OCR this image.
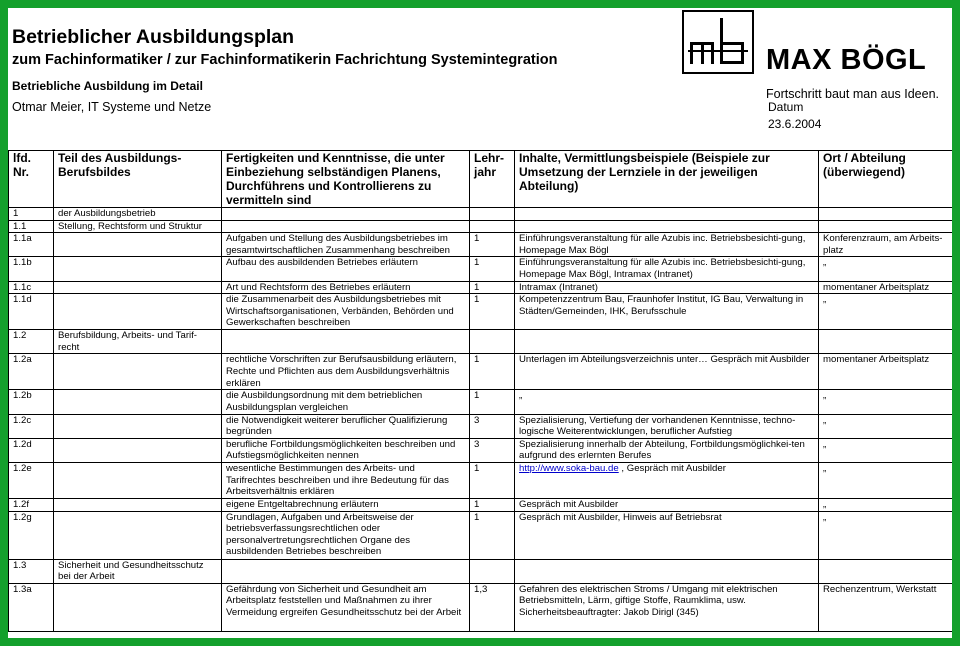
Betrieblicher Ausbildungsplan
zum Fachinformatiker / zur Fachinformatikerin Fachrichtung Systemintegration
Betriebliche Ausbildung im Detail
Otmar Meier, IT Systeme und Netze	Datum
23.6.2004
MAX BÖGL
Fortschritt baut man aus Ideen.
lfd. Nr.	Teil des Ausbildungs-Berufsbildes	Fertigkeiten und Kenntnisse, die unter Einbeziehung selbständigen Planens, Durchführens und Kontrollierens zu vermitteln sind	Lehr-jahr	Inhalte, Vermittlungsbeispiele (Beispiele zur Umsetzung der Lernziele in der jeweiligen Abteilung)	Ort / Abteilung (überwiegend)
1	der Ausbildungsbetrieb				
1.1	Stellung, Rechtsform und Struktur				
1.1a		Aufgaben und Stellung des Ausbildungsbetriebes im gesamtwirtschaftlichen Zusammenhang beschreiben	1	Einführungsveranstaltung für alle Azubis inc. Betriebsbesichti-gung, Homepage Max Bögl	Konferenzraum, am Arbeits-platz
1.1b		Aufbau des ausbildenden Betriebes erläutern	1	Einführungsveranstaltung für alle Azubis inc. Betriebsbesichti-gung, Homepage Max Bögl, Intramax (Intranet)	„
1.1c		Art und Rechtsform des Betriebes erläutern	1	Intramax (Intranet)	momentaner Arbeitsplatz
1.1d		die Zusammenarbeit des Ausbildungsbetriebes mit Wirtschaftsorganisationen, Verbänden, Behörden und Gewerkschaften beschreiben	1	Kompetenzzentrum Bau, Fraunhofer Institut, IG Bau, Verwaltung in Städten/Gemeinden, IHK, Berufsschule	„
1.2	Berufsbildung, Arbeits- und Tarif-recht				
1.2a		rechtliche Vorschriften zur Berufsausbildung erläutern, Rechte und Pflichten aus dem Ausbildungsverhältnis erklären	1	Unterlagen im Abteilungsverzeichnis unter… Gespräch mit Ausbilder	momentaner Arbeitsplatz
1.2b		die Ausbildungsordnung mit dem betrieblichen Ausbildungsplan vergleichen	1	„	„
1.2c		die Notwendigkeit weiterer beruflicher Qualifizierung begründen	3	Spezialisierung, Vertiefung der vorhandenen Kenntnisse, techno-logische Weiterentwicklungen, beruflicher Aufstieg	„
1.2d		berufliche Fortbildungsmöglichkeiten beschreiben und Aufstiegsmöglichkeiten nennen	3	Spezialisierung innerhalb der Abteilung, Fortbildungsmöglichkei-ten aufgrund des erlernten Berufes	„
1.2e		wesentliche Bestimmungen des Arbeits- und Tarifrechtes beschreiben und ihre Bedeutung für das Arbeitsverhältnis erklären	1	http://www.soka-bau.de , Gespräch mit Ausbilder	„
1.2f		eigene Entgeltabrechnung erläutern	1	Gespräch mit Ausbilder	„
1.2g		Grundlagen, Aufgaben und Arbeitsweise der betriebsverfassungsrechtlichen oder personalvertretungsrechtlichen Organe des ausbildenden Betriebes beschreiben	1	Gespräch mit Ausbilder, Hinweis auf Betriebsrat	„
1.3	Sicherheit und Gesundheitsschutz bei der Arbeit				
1.3a		Gefährdung von Sicherheit und Gesundheit am Arbeitsplatz feststellen und Maßnahmen zu ihrer Vermeidung ergreifen Gesundheitsschutz bei der Arbeit	1,3	Gefahren des elektrischen Stroms / Umgang mit elektrischen Betriebsmitteln, Lärm, giftige Stoffe, Raumklima, usw. Sicherheitsbeauftragter: Jakob Dirigl (345)	Rechenzentrum, Werkstatt
